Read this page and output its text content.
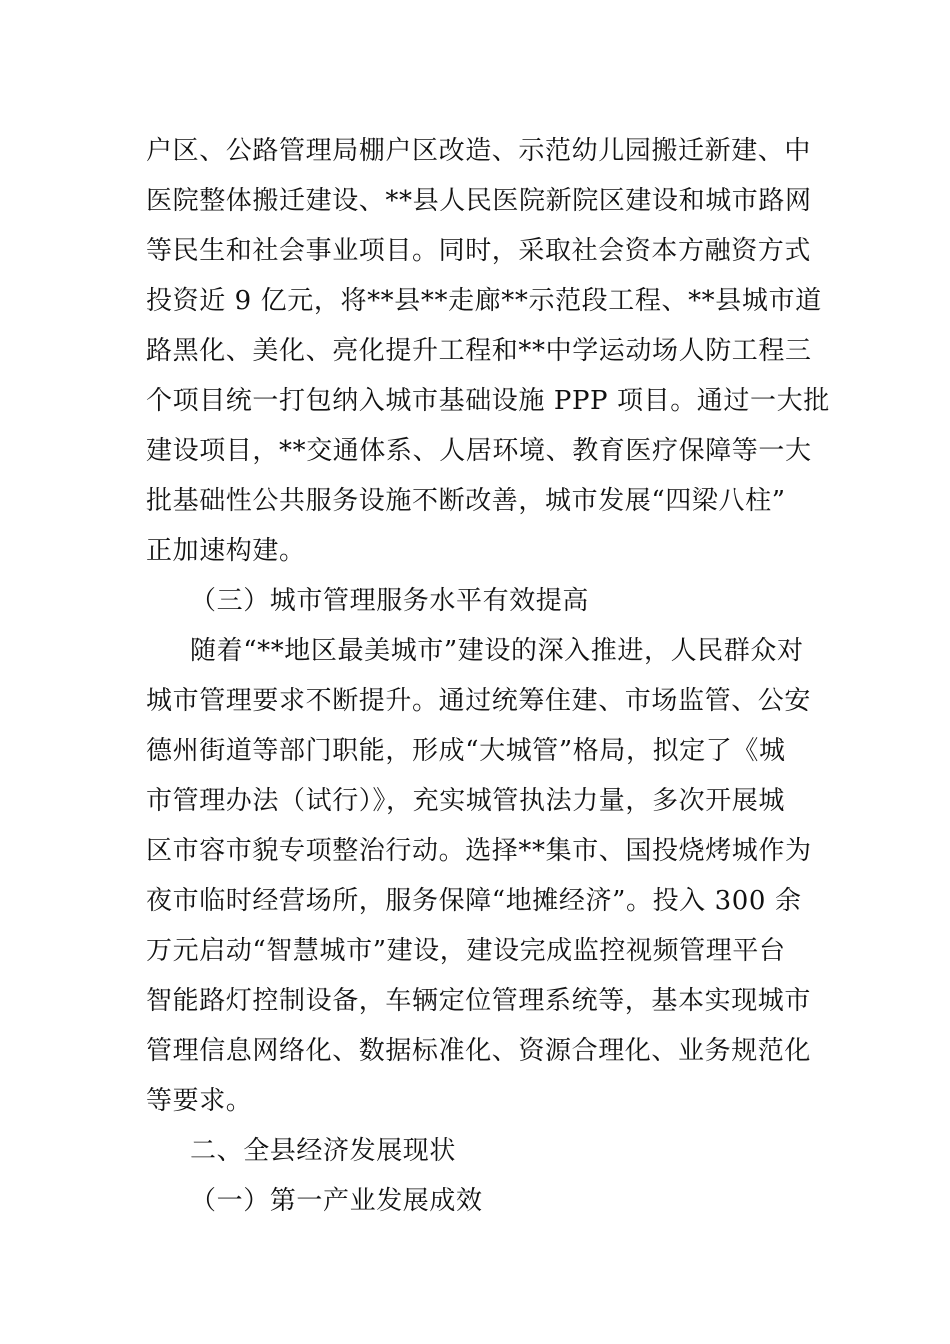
户区、公路管理局棚户区改造、示范幼儿园搬迁新建、中
医院整体搬迁建设、**县人民医院新院区建设和城市路网
等民生和社会事业项目。同时，采取社会资本方融资方式
投资近 9 亿元，将**县**走廊**示范段工程、**县城市道
路黑化、美化、亮化提升工程和**中学运动场人防工程三
个项目统一打包纳入城市基础设施 PPP 项目。通过一大批
建设项目，**交通体系、人居环境、教育医疗保障等一大
批基础性公共服务设施不断改善，城市发展“四梁八柱”
正加速构建。
（三）城市管理服务水平有效提高
随着“**地区最美城市”建设的深入推进，人民群众对
城市管理要求不断提升。通过统筹住建、市场监管、公安
德州街道等部门职能，形成“大城管”格局，拟定了《城
市管理办法（试行）》，充实城管执法力量，多次开展城
区市容市貌专项整治行动。选择**集市、国投烧烤城作为
夜市临时经营场所，服务保障“地摊经济”。投入 300 余
万元启动“智慧城市”建设，建设完成监控视频管理平台
智能路灯控制设备，车辆定位管理系统等，基本实现城市
管理信息网络化、数据标准化、资源合理化、业务规范化
等要求。
二、全县经济发展现状
（一）第一产业发展成效
